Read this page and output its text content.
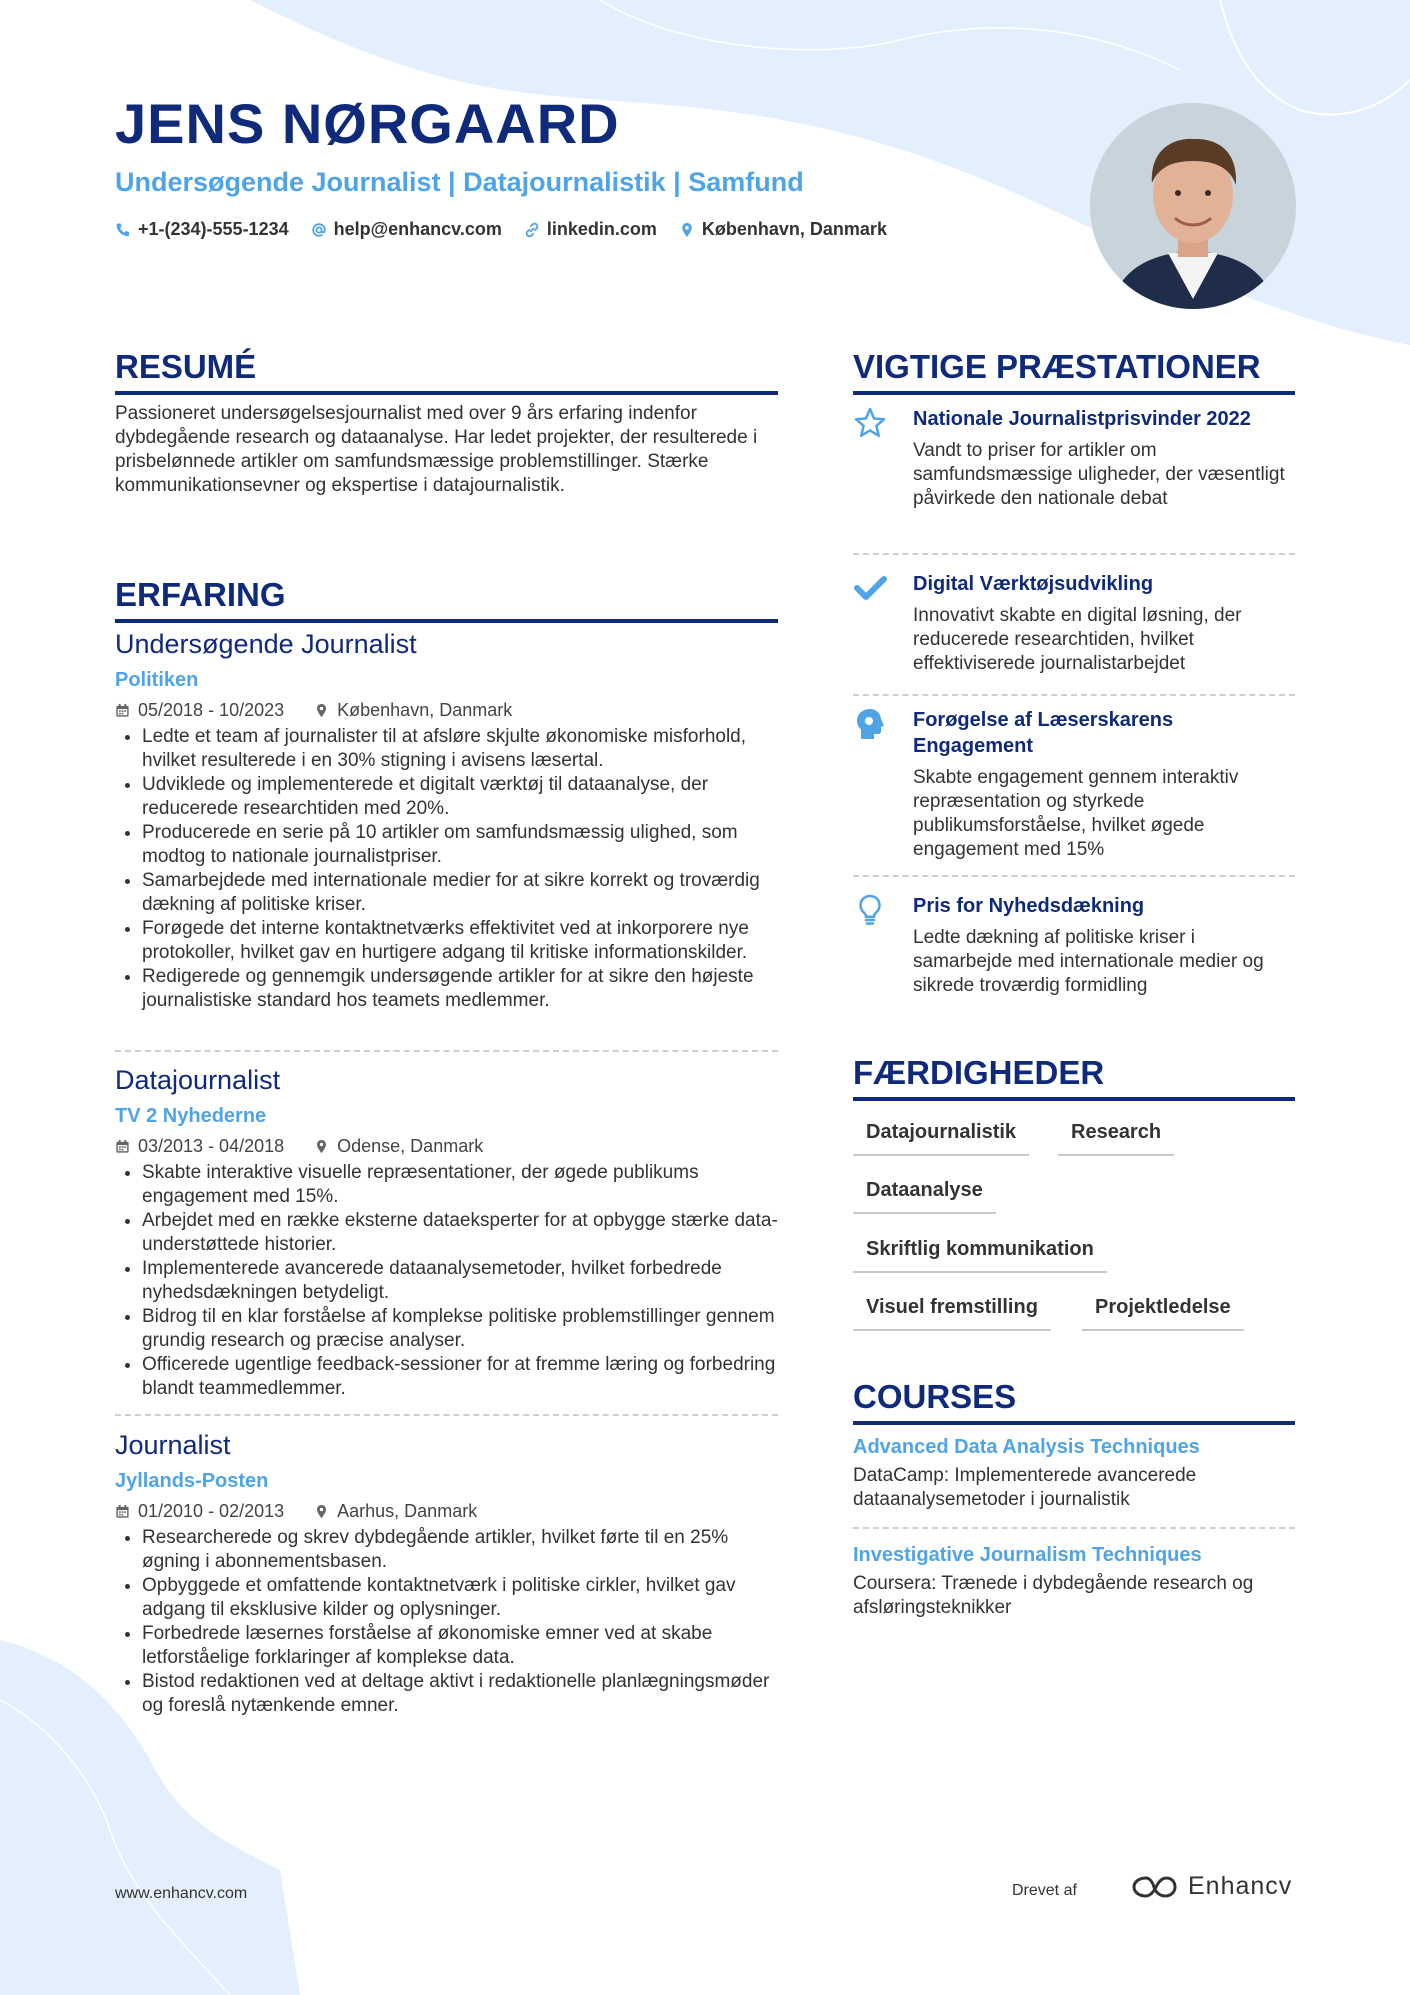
JENS NØRGAARD
Undersøgende Journalist | Datajournalistik | Samfund
+1-(234)-555-1234	help@enhancv.com	linkedin.com	København, Danmark
RESUMÉ

Passioneret undersøgelsesjournalist med over 9 års erfaring indenfor dybdegående research og dataanalyse. Har ledet projekter, der resulterede i prisbelønnede artikler om samfundsmæssige problemstillinger. Stærke kommunikationsevner og ekspertise i datajournalistik.

ERFARING
Undersøgende Journalist
Politiken
05/2018 - 10/2023	København, Danmark
• Ledte et team af journalister til at afsløre skjulte økonomiske misforhold, hvilket resulterede i en 30% stigning i avisens læsertal.
• Udviklede og implementerede et digitalt værktøj til dataanalyse, der reducerede researchtiden med 20%.
• Producerede en serie på 10 artikler om samfundsmæssig ulighed, som modtog to nationale journalistpriser.
• Samarbejdede med internationale medier for at sikre korrekt og troværdig dækning af politiske kriser.
• Forøgede det interne kontaktnetværks effektivitet ved at inkorporere nye protokoller, hvilket gav en hurtigere adgang til kritiske informationskilder.
• Redigerede og gennemgik undersøgende artikler for at sikre den højeste journalistiske standard hos teamets medlemmer.
Datajournalist
TV 2 Nyhederne
03/2013 - 04/2018	Odense, Danmark
• Skabte interaktive visuelle repræsentationer, der øgede publikums engagement med 15%.
• Arbejdet med en række eksterne dataeksperter for at opbygge stærke data-understøttede historier.
• Implementerede avancerede dataanalysemetoder, hvilket forbedrede nyhedsdækningen betydeligt.
• Bidrog til en klar forståelse af komplekse politiske problemstillinger gennem grundig research og præcise analyser.
• Officerede ugentlige feedback-sessioner for at fremme læring og forbedring blandt teammedlemmer.
Journalist
Jyllands-Posten
01/2010 - 02/2013	Aarhus, Danmark
• Researcherede og skrev dybdegående artikler, hvilket førte til en 25% øgning i abonnementsbasen.
• Opbyggede et omfattende kontaktnetværk i politiske cirkler, hvilket gav adgang til eksklusive kilder og oplysninger.
• Forbedrede læsernes forståelse af økonomiske emner ved at skabe letforståelige forklaringer af komplekse data.
• Bistod redaktionen ved at deltage aktivt i redaktionelle planlægningsmøder og foreslå nytænkende emner.
VIGTIGE PRÆSTATIONER
Nationale Journalistprisvinder 2022
Vandt to priser for artikler om samfundsmæssige uligheder, der væsentligt påvirkede den nationale debat
Digital Værktøjsudvikling
Innovativt skabte en digital løsning, der reducerede researchtiden, hvilket effektiviserede journalistarbejdet
Forøgelse af Læserskarens Engagement
Skabte engagement gennem interaktiv repræsentation og styrkede publikumsforståelse, hvilket øgede engagement med 15%
Pris for Nyhedsdækning
Ledte dækning af politiske kriser i samarbejde med internationale medier og sikrede troværdig formidling
FÆRDIGHEDER
Datajournalistik	Research
Dataanalyse
Skriftlig kommunikation
Visuel fremstilling	Projektledelse
COURSES
Advanced Data Analysis Techniques
DataCamp: Implementerede avancerede dataanalysemetoder i journalistik
Investigative Journalism Techniques
Coursera: Trænede i dybdegående research og afsløringsteknikker
www.enhancv.com	Drevet af	Enhancv
